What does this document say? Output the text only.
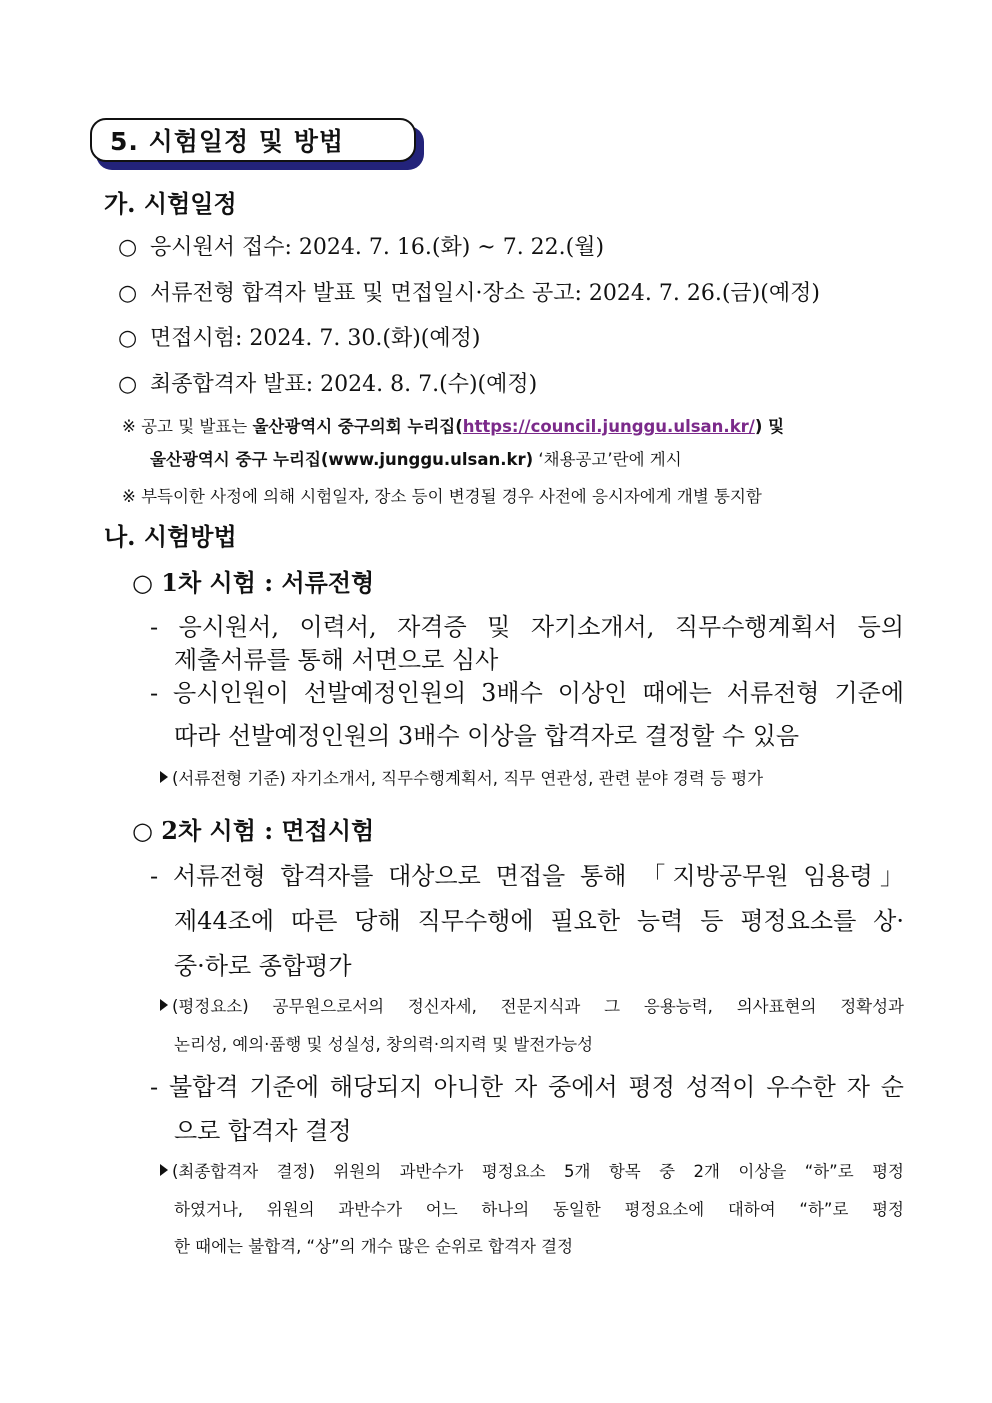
5. 시험일정 및 방법
가. 시험일정
○ 응시원서 접수: 2024. 7. 16.(화) ~ 7. 22.(월)
○ 서류전형 합격자 발표 및 면접일시·장소 공고: 2024. 7. 26.(금)(예정)
○ 면접시험: 2024. 7. 30.(화)(예정)
○ 최종합격자 발표: 2024. 8. 7.(수)(예정)
※ 공고 및 발표는 울산광역시 중구의회 누리집(https://council.junggu.ulsan.kr/) 및
울산광역시 중구 누리집(www.junggu.ulsan.kr) ‘채용공고’란에 게시
※ 부득이한 사정에 의해 시험일자, 장소 등이 변경될 경우 사전에 응시자에게 개별 통지함
나. 시험방법
○ 1차 시험 : 서류전형
- 응시원서, 이력서, 자격증 및 자기소개서, 직무수행계획서 등의
제출서류를 통해 서면으로 심사
- 응시인원이 선발예정인원의 3배수 이상인 때에는 서류전형 기준에
따라 선발예정인원의 3배수 이상을 합격자로 결정할 수 있음
(서류전형 기준) 자기소개서, 직무수행계획서, 직무 연관성, 관련 분야 경력 등 평가
○ 2차 시험 : 면접시험
- 서류전형 합격자를 대상으로 면접을 통해 「지방공무원 임용령」
제44조에 따른 당해 직무수행에 필요한 능력 등 평정요소를 상·
중·하로 종합평가
(평정요소) 공무원으로서의 정신자세, 전문지식과 그 응용능력, 의사표현의 정확성과
논리성, 예의·품행 및 성실성, 창의력·의지력 및 발전가능성
- 불합격 기준에 해당되지 아니한 자 중에서 평정 성적이 우수한 자 순
으로 합격자 결정
(최종합격자 결정) 위원의 과반수가 평정요소 5개 항목 중 2개 이상을 “하”로 평정
하였거나, 위원의 과반수가 어느 하나의 동일한 평정요소에 대하여 “하”로 평정
한 때에는 불합격, “상”의 개수 많은 순위로 합격자 결정
